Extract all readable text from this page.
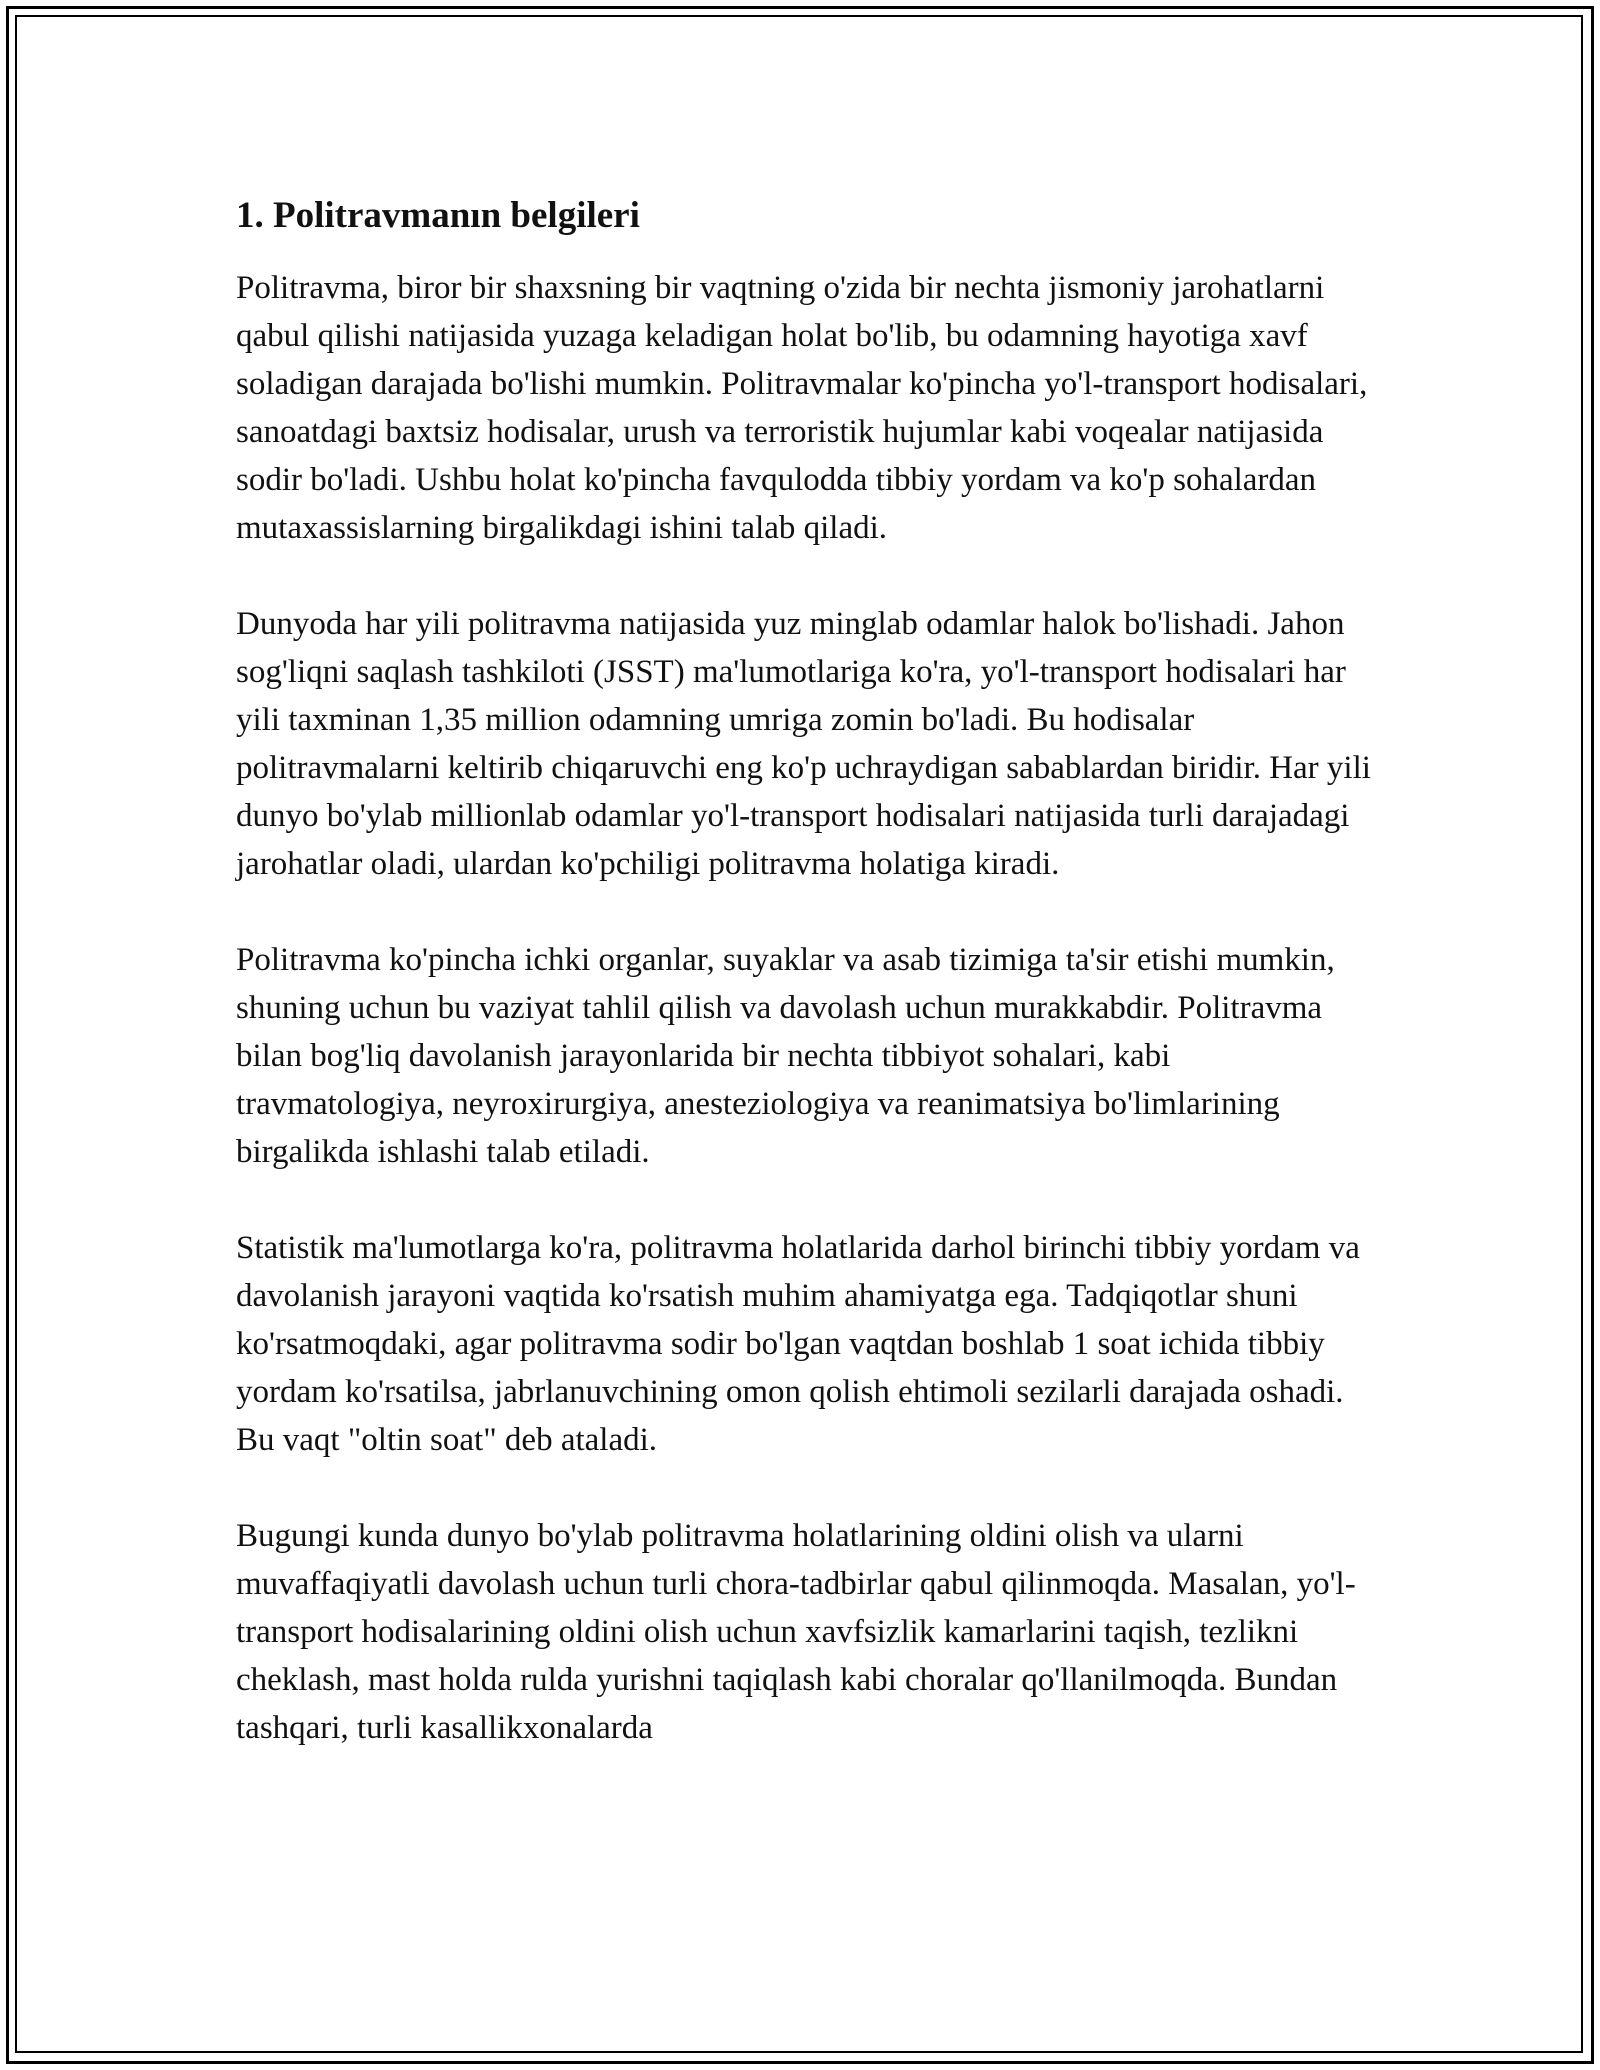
1. Politravmanın belgileri

Politravma, biror bir shaxsning bir vaqtning o'zida bir nechta jismoniy jarohatlarni qabul qilishi natijasida yuzaga keladigan holat bo'lib, bu odamning hayotiga xavf soladigan darajada bo'lishi mumkin. Politravmalar ko'pincha yo'l-transport hodisalari, sanoatdagi baxtsiz hodisalar, urush va terroristik hujumlar kabi voqealar natijasida sodir bo'ladi. Ushbu holat ko'pincha favqulodda tibbiy yordam va ko'p sohalardan mutaxassislarning birgalikdagi ishini talab qiladi.

Dunyoda har yili politravma natijasida yuz minglab odamlar halok bo'lishadi. Jahon sog'liqni saqlash tashkiloti (JSST) ma'lumotlariga ko'ra, yo'l-transport hodisalari har yili taxminan 1,35 million odamning umriga zomin bo'ladi. Bu hodisalar politravmalarni keltirib chiqaruvchi eng ko'p uchraydigan sabablardan biridir. Har yili dunyo bo'ylab millionlab odamlar yo'l-transport hodisalari natijasida turli darajadagi jarohatlar oladi, ulardan ko'pchiligi politravma holatiga kiradi.

Politravma ko'pincha ichki organlar, suyaklar va asab tizimiga ta'sir etishi mumkin, shuning uchun bu vaziyat tahlil qilish va davolash uchun murakkabdir. Politravma bilan bog'liq davolanish jarayonlarida bir nechta tibbiyot sohalari, kabi travmatologiya, neyroxirurgiya, anesteziologiya va reanimatsiya bo'limlarining birgalikda ishlashi talab etiladi.

Statistik ma'lumotlarga ko'ra, politravma holatlarida darhol birinchi tibbiy yordam va davolanish jarayoni vaqtida ko'rsatish muhim ahamiyatga ega. Tadqiqotlar shuni ko'rsatmoqdaki, agar politravma sodir bo'lgan vaqtdan boshlab 1 soat ichida tibbiy yordam ko'rsatilsa, jabrlanuvchining omon qolish ehtimoli sezilarli darajada oshadi. Bu vaqt "oltin soat" deb ataladi.

Bugungi kunda dunyo bo'ylab politravma holatlarining oldini olish va ularni muvaffaqiyatli davolash uchun turli chora-tadbirlar qabul qilinmoqda. Masalan, yo'l-transport hodisalarining oldini olish uchun xavfsizlik kamarlarini taqish, tezlikni cheklash, mast holda rulda yurishni taqiqlash kabi choralar qo'llanilmoqda. Bundan tashqari, turli kasallikxonalarda
